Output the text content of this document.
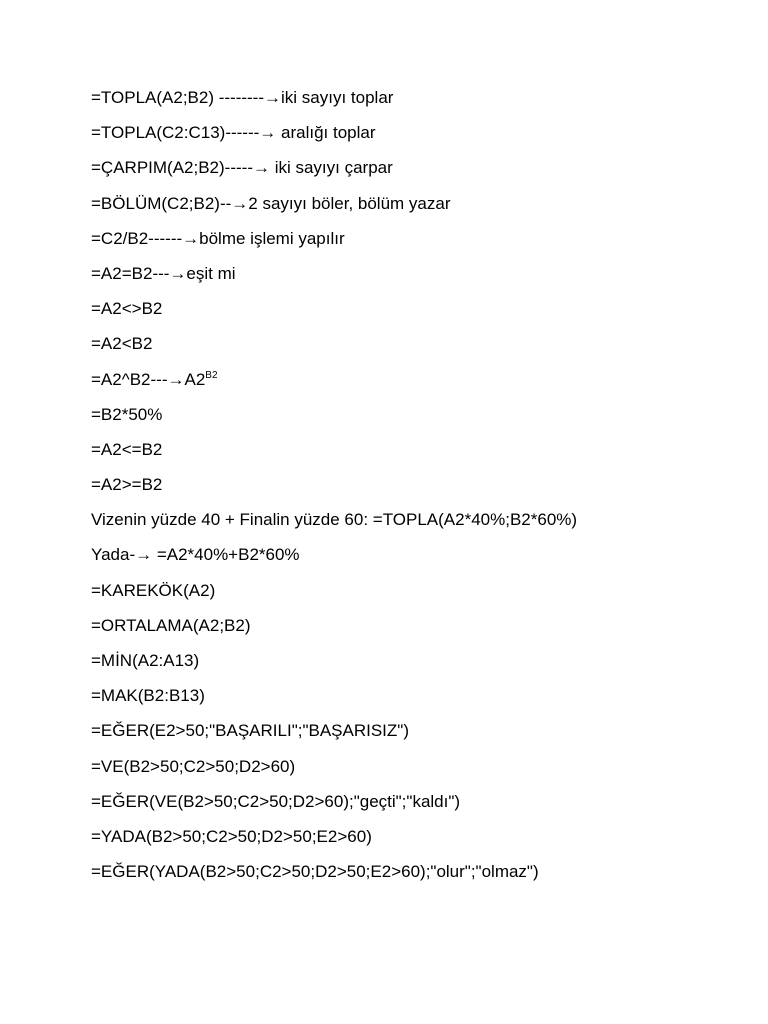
=TOPLA(A2;B2) --------→iki sayıyı toplar
=TOPLA(C2:C13)------→ aralığı toplar
=ÇARPIM(A2;B2)-----→ iki sayıyı çarpar
=BÖLÜM(C2;B2)--→2 sayıyı böler, bölüm yazar
=C2/B2------→bölme işlemi yapılır
=A2=B2---→eşit mi
=A2<>B2
=A2<B2
$=A2\^{}B2---\to A2^{B2}$
=B2*50%
=A2<=B2
=A2>=B2
Vizenin yüzde 40 + Finalin yüzde 60: =TOPLA(A2*40%;B2*60%)
Yada-→ =A2*40%+B2*60%
=KAREKÖK(A2)
=ORTALAMA(A2;B2)
=MİN(A2:A13)
=MAK(B2:B13)
=EĞER(E2>50;"BAŞARILI";"BAŞARISIZ")
=VE(B2>50;C2>50;D2>60)
=EĞER(VE(B2>50;C2>50;D2>60);"geçti";"kaldı")
=YADA(B2>50;C2>50;D2>50;E2>60)
=EĞER(YADA(B2>50;C2>50;D2>50;E2>60);"olur";"olmaz")
